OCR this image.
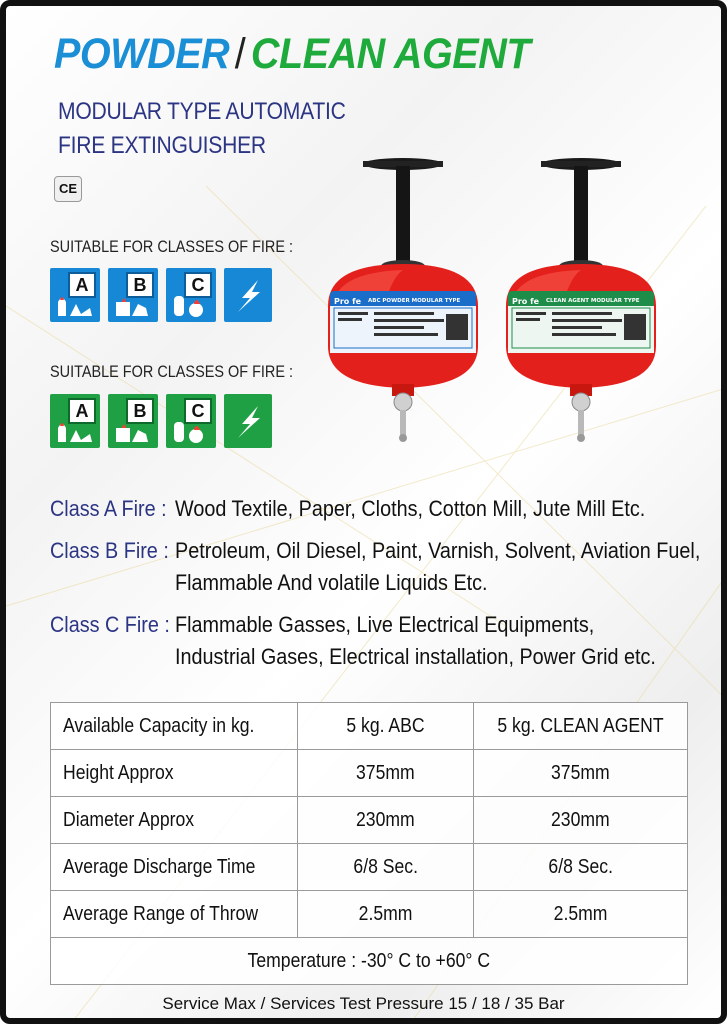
POWDER / CLEAN AGENT
MODULAR TYPE AUTOMATIC
FIRE EXTINGUISHER
CE
SUITABLE FOR CLASSES OF FIRE :
A	B	C
SUITABLE FOR CLASSES OF FIRE :
A	B	C
Pro fe ABC POWDER MODULAR TYPE	Pro fe CLEAN AGENT MODULAR TYPE
Class A Fire : Wood Textile, Paper, Cloths, Cotton Mill, Jute Mill Etc.
Class B Fire : Petroleum, Oil Diesel, Paint, Varnish, Solvent, Aviation Fuel,
Flammable And volatile Liquids Etc.
Class C Fire : Flammable Gasses, Live Electrical Equipments,
Industrial Gases, Electrical installation, Power Grid etc.
Available Capacity in kg.	5 kg. ABC	5 kg. CLEAN AGENT
Height Approx	375mm	375mm
Diameter Approx	230mm	230mm
Average Discharge Time	6/8 Sec.	6/8 Sec.
Average Range of Throw	2.5mm	2.5mm
Temperature : -30° C to +60° C		
Service Max / Services Test Pressure 15 / 18 / 35 Bar
